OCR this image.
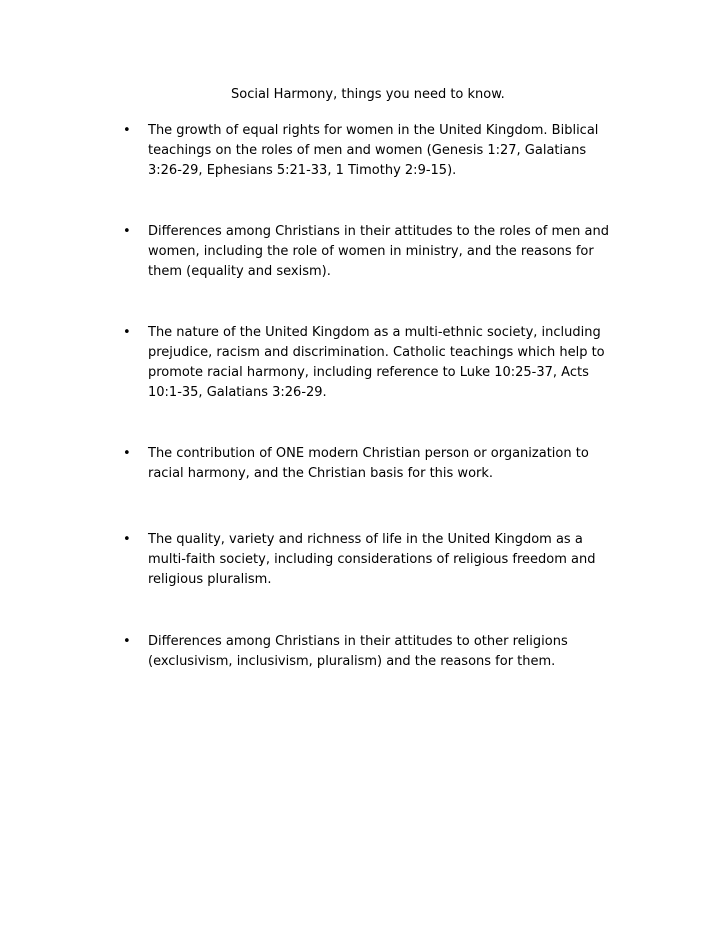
Social Harmony, things you need to know.
• The growth of equal rights for women in the United Kingdom. Biblical teachings on the roles of men and women (Genesis 1:27, Galatians 3:26-29, Ephesians 5:21-33, 1 Timothy 2:9-15).

• Differences among Christians in their attitudes to the roles of men and women, including the role of women in ministry, and the reasons for them (equality and sexism).

• The nature of the United Kingdom as a multi-ethnic society, including prejudice, racism and discrimination. Catholic teachings which help to promote racial harmony, including reference to Luke 10:25-37, Acts 10:1-35, Galatians 3:26-29.

• The contribution of ONE modern Christian person or organization to racial harmony, and the Christian basis for this work.

• The quality, variety and richness of life in the United Kingdom as a multi-faith society, including considerations of religious freedom and religious pluralism.

• Differences among Christians in their attitudes to other religions (exclusivism, inclusivism, pluralism) and the reasons for them.
